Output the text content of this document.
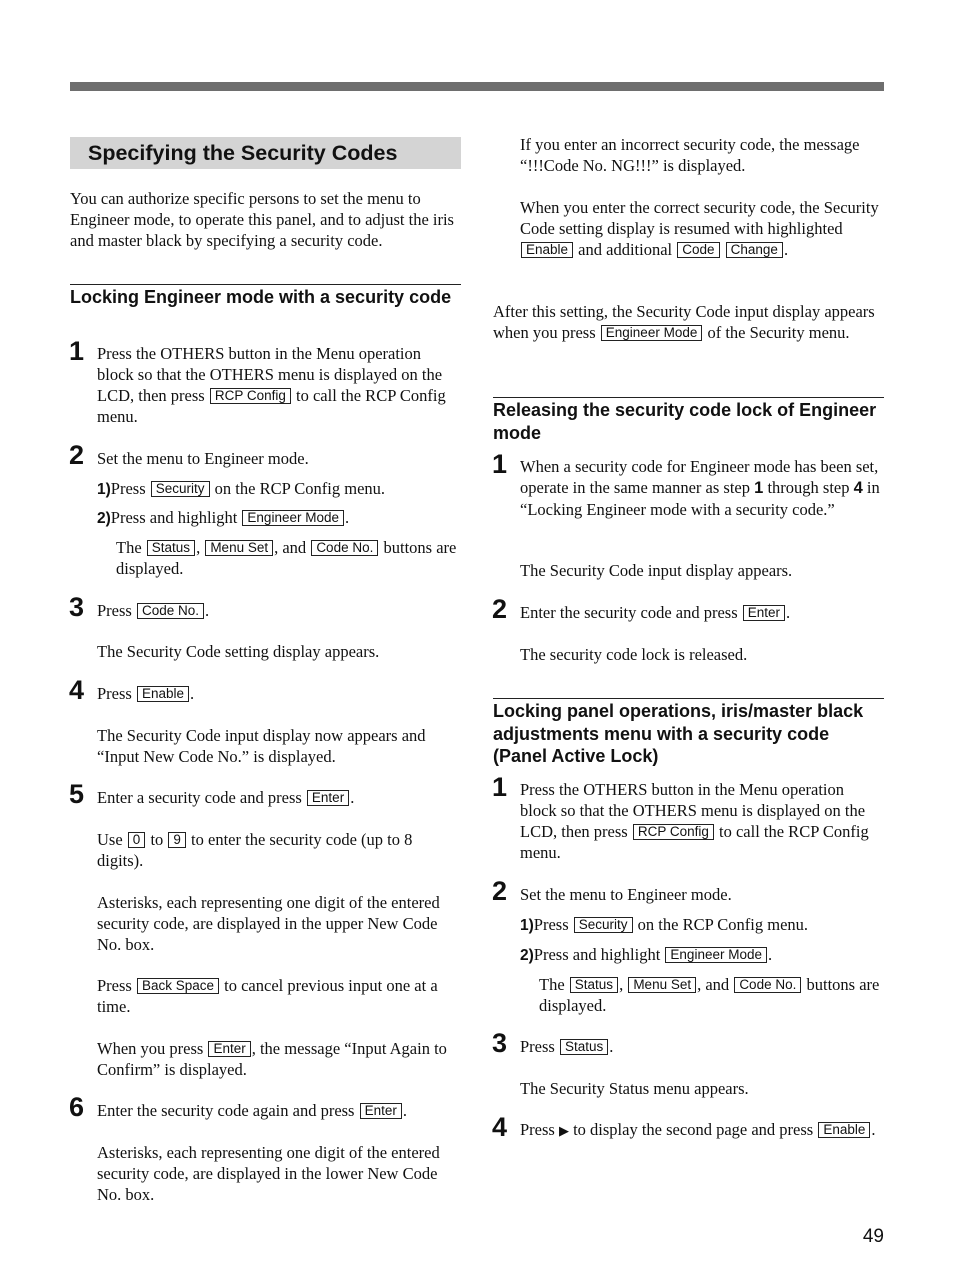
Specifying the Security Codes

You can authorize specific persons to set the menu to Engineer mode, to operate this panel, and to adjust the iris and master black by specifying a security code.

Locking Engineer mode with a security code
1 Press the OTHERS button in the Menu operation block so that the OTHERS menu is displayed on the LCD, then press RCP Config to call the RCP Config menu.

2 Set the menu to Engineer mode.

1)Press Security on the RCP Config menu.

2)Press and highlight Engineer Mode .

The Status , Menu Set , and Code No. buttons are displayed.

3 Press Code No. .

The Security Code setting display appears.

4 Press Enable .

The Security Code input display now appears and “Input New Code No.” is displayed.

5 Enter a security code and press Enter .

Use 0 to 9 to enter the security code (up to 8 digits).

Asterisks, each representing one digit of the entered security code, are displayed in the upper New Code No. box.

Press Back Space to cancel previous input one at a time.

When you press Enter , the message “Input Again to Confirm” is displayed.

6 Enter the security code again and press Enter .

Asterisks, each representing one digit of the entered security code, are displayed in the lower New Code No. box.

If you enter an incorrect security code, the message “!!!Code No. NG!!!” is displayed.

When you enter the correct security code, the Security Code setting display is resumed with highlighted Enable and additional Code Change .

After this setting, the Security Code input display appears when you press Engineer Mode of the Security menu.

Releasing the security code lock of Engineer mode
1 When a security code for Engineer mode has been set, operate in the same manner as step 1 through step 4 in “Locking Engineer mode with a security code.”

The Security Code input display appears.

2 Enter the security code and press Enter .

The security code lock is released.

Locking panel operations, iris/master black adjustments menu with a security code (Panel Active Lock)
1 Press the OTHERS button in the Menu operation block so that the OTHERS menu is displayed on the LCD, then press RCP Config to call the RCP Config menu.

2 Set the menu to Engineer mode.

1)Press Security on the RCP Config menu.

2)Press and highlight Engineer Mode .

The Status , Menu Set , and Code No. buttons are displayed.

3 Press Status .

The Security Status menu appears.

4 Press ▶ to display the second page and press Enable .

49
